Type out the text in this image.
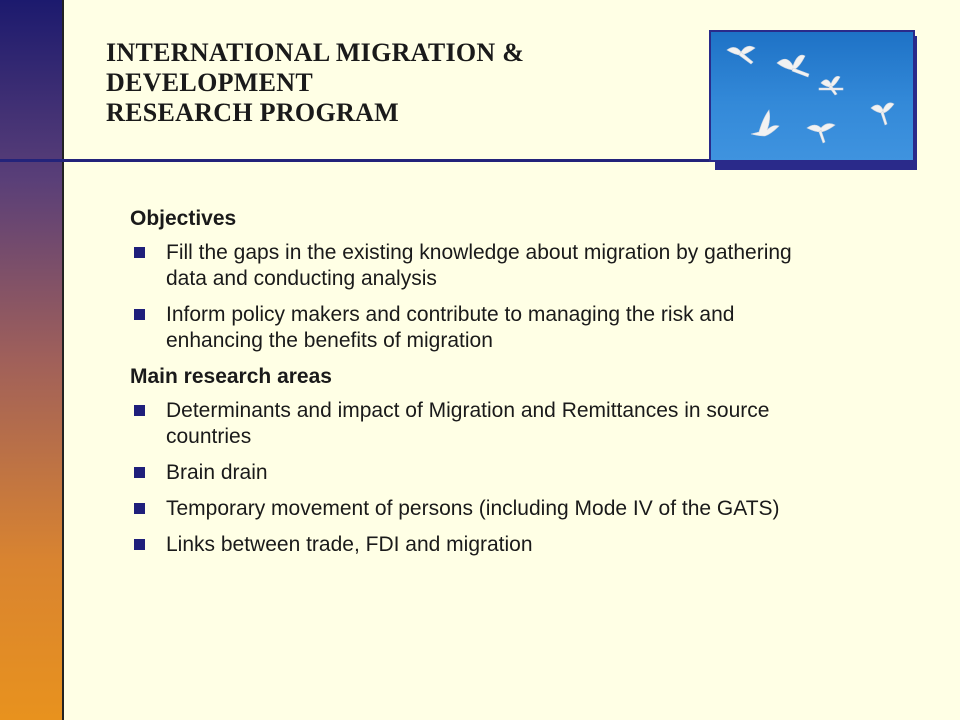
INTERNATIONAL MIGRATION &
DEVELOPMENT
RESEARCH PROGRAM
Objectives
Fill the gaps in the existing knowledge about migration by gathering data and conducting analysis
Inform policy makers and contribute to managing the risk and enhancing the benefits of migration
Main research areas
Determinants and impact of Migration and Remittances in source countries
Brain drain
Temporary movement of persons (including Mode IV of the GATS)
Links between trade, FDI and migration
